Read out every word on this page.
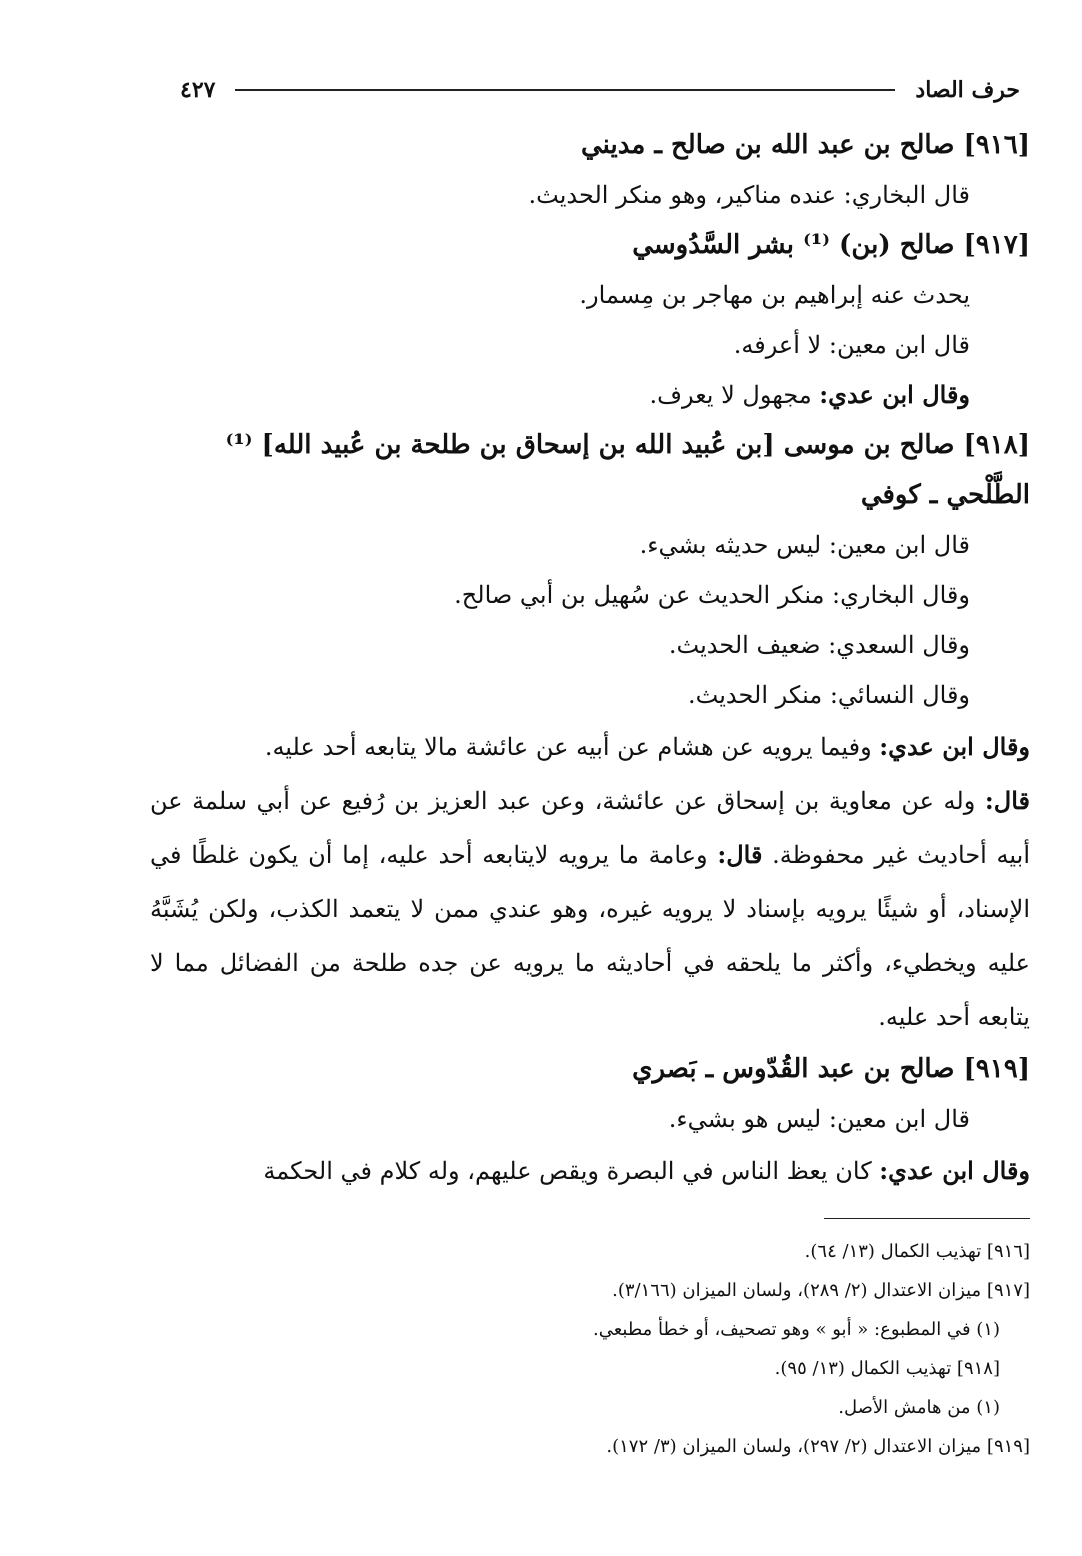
حرف الصاد
٤٢٧

[٩١٦] صالح بن عبد الله بن صالح ـ مديني

قال البخاري: عنده مناكير، وهو منكر الحديث.

[٩١٧] صالح (بن) ⁽¹⁾ بشر السَّدُوسي

يحدث عنه إبراهيم بن مهاجر بن مِسمار.

قال ابن معين: لا أعرفه.

وقال ابن عدي: مجهول لا يعرف.

[٩١٨] صالح بن موسى [بن عُبيد الله بن إسحاق بن طلحة بن عُبيد الله] ⁽¹⁾ الطَّلْحي ـ كوفي

قال ابن معين: ليس حديثه بشيء.

وقال البخاري: منكر الحديث عن سُهيل بن أبي صالح.

وقال السعدي: ضعيف الحديث.

وقال النسائي: منكر الحديث.

وقال ابن عدي: وفيما يرويه عن هشام عن أبيه عن عائشة مالا يتابعه أحد عليه.

قال: وله عن معاوية بن إسحاق عن عائشة، وعن عبد العزيز بن رُفيع عن أبي سلمة عن أبيه أحاديث غير محفوظة. قال: وعامة ما يرويه لايتابعه أحد عليه، إما أن يكون غلطًا في الإسناد، أو شيئًا يرويه بإسناد لا يرويه غيره، وهو عندي ممن لا يتعمد الكذب، ولكن يُشَبَّهُ عليه ويخطيء، وأكثر ما يلحقه في أحاديثه ما يرويه عن جده طلحة من الفضائل مما لا يتابعه أحد عليه.

[٩١٩] صالح بن عبد القُدّوس ـ بَصري

قال ابن معين: ليس هو بشيء.

وقال ابن عدي: كان يعظ الناس في البصرة ويقص عليهم، وله كلام في الحكمة

[٩١٦] تهذيب الكمال (١٣/ ٦٤).

[٩١٧] ميزان الاعتدال (٢/ ٢٨٩)، ولسان الميزان (٣/١٦٦).

(١) في المطبوع: « أبو » وهو تصحيف، أو خطأ مطبعي.

[٩١٨] تهذيب الكمال (١٣/ ٩٥).

(١) من هامش الأصل.

[٩١٩] ميزان الاعتدال (٢/ ٢٩٧)، ولسان الميزان (٣/ ١٧٢).
